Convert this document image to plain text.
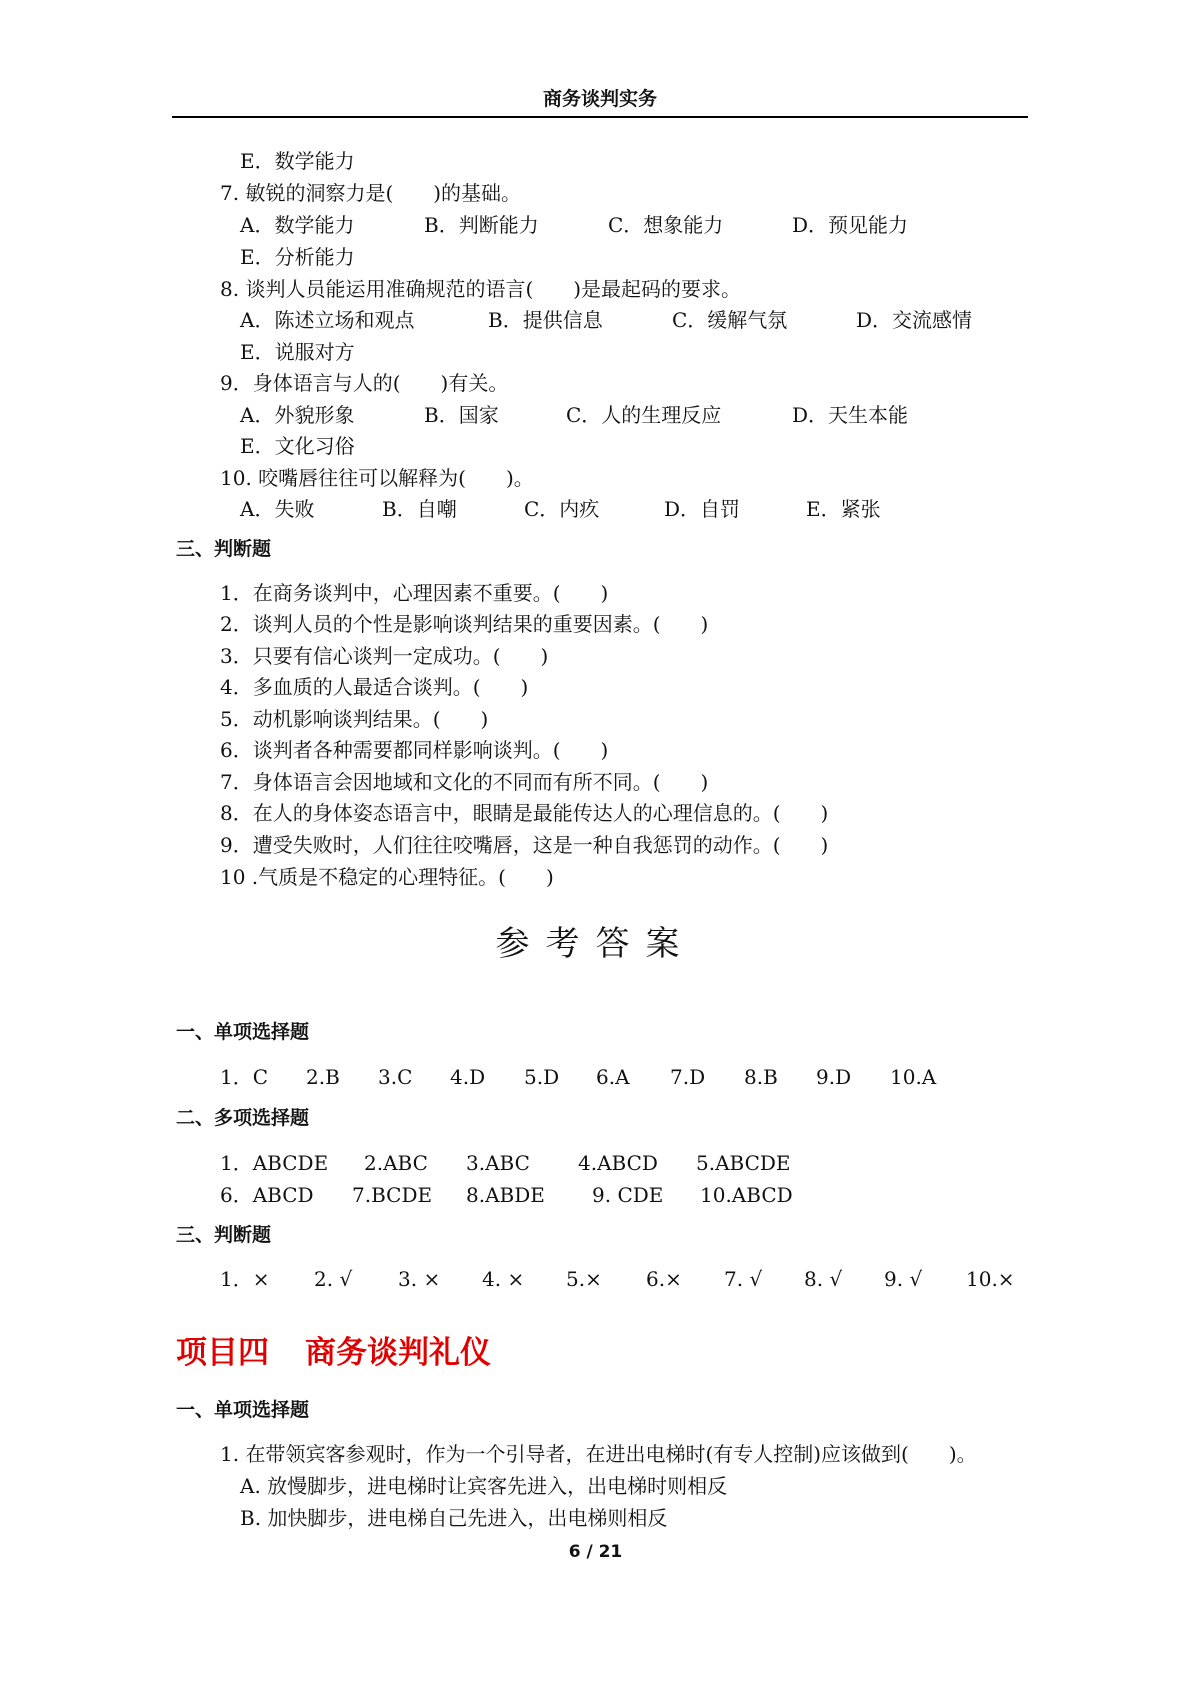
商务谈判实务
E．数学能力
7. 敏锐的洞察力是(　　)的基础。
A．数学能力	B．判断能力	C．想象能力	D．预见能力
E．分析能力
8. 谈判人员能运用准确规范的语言(　　)是最起码的要求。
A．陈述立场和观点	B．提供信息	C．缓解气氛	D．交流感情
E．说服对方
9．身体语言与人的(　　)有关。
A．外貌形象	B．国家	C．人的生理反应	D．天生本能
E．文化习俗
10. 咬嘴唇往往可以解释为(　　)。
A．失败	B．自嘲	C．内疚	D．自罚	E．紧张
三、判断题
1．在商务谈判中，心理因素不重要。(　　)
2．谈判人员的个性是影响谈判结果的重要因素。(　　)
3．只要有信心谈判一定成功。(　　)
4．多血质的人最适合谈判。(　　)
5．动机影响谈判结果。(　　)
6．谈判者各种需要都同样影响谈判。(　　)
7．身体语言会因地域和文化的不同而有所不同。(　　)
8．在人的身体姿态语言中，眼睛是最能传达人的心理信息的。(　　)
9．遭受失败时，人们往往咬嘴唇，这是一种自我惩罚的动作。(　　)
10 .气质是不稳定的心理特征。(　　)
参考答案
一、单项选择题
1．C 2.B 3.C 4.D 5.D 6.A 7.D 8.B 9.D 10.A
二、多项选择题
1．ABCDE 2.ABC 3.ABC 4.ABCD 5.ABCDE
6．ABCD 7.BCDE 8.ABDE 9. CDE 10.ABCD
三、判断题
1．× 2. √ 3. × 4. × 5.× 6.× 7. √ 8. √ 9. √ 10.×
项目四 商务谈判礼仪
一、单项选择题
1. 在带领宾客参观时，作为一个引导者，在进出电梯时(有专人控制)应该做到(　　)。
A. 放慢脚步，进电梯时让宾客先进入，出电梯时则相反
B. 加快脚步，进电梯自己先进入，出电梯则相反
6 / 21
